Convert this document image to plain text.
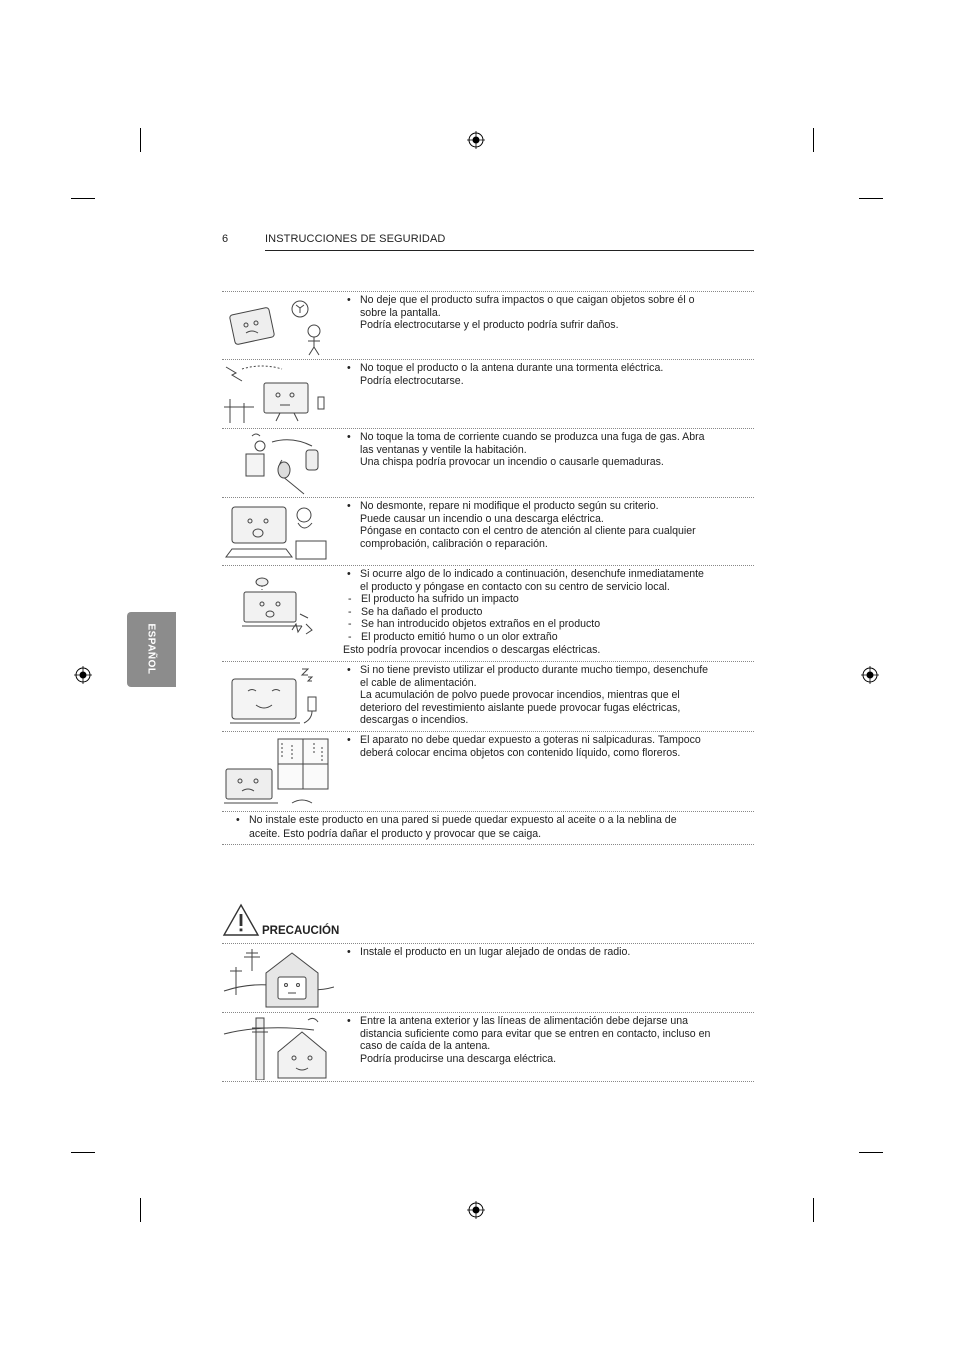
6	INSTRUCCIONES DE SEGURIDAD
ESPAÑOL
• No deje que el producto sufra impactos o que caigan objetos sobre él o
sobre la pantalla.
Podría electrocutarse y el producto podría sufrir daños.
• No toque el producto o la antena durante una tormenta eléctrica.
Podría electrocutarse.
• No toque la toma de corriente cuando se produzca una fuga de gas. Abra
las ventanas y ventile la habitación.
Una chispa podría provocar un incendio o causarle quemaduras.
• No desmonte, repare ni modifique el producto según su criterio.
Puede causar un incendio o una descarga eléctrica.
Póngase en contacto con el centro de atención al cliente para cualquier
comprobación, calibración o reparación.
• Si ocurre algo de lo indicado a continuación, desenchufe inmediatamente
el producto y póngase en contacto con su centro de servicio local.
- El producto ha sufrido un impacto
- Se ha dañado el producto
- Se han introducido objetos extraños en el producto
- El producto emitió humo o un olor extraño
Esto podría provocar incendios o descargas eléctricas.
• Si no tiene previsto utilizar el producto durante mucho tiempo, desenchufe
el cable de alimentación.
La acumulación de polvo puede provocar incendios, mientras que el
deterioro del revestimiento aislante puede provocar fugas eléctricas,
descargas o incendios.
• El aparato no debe quedar expuesto a goteras ni salpicaduras. Tampoco
deberá colocar encima objetos con contenido líquido, como floreros.
• No instale este producto en una pared si puede quedar expuesto al aceite o a la neblina de
aceite. Esto podría dañar el producto y provocar que se caiga.
PRECAUCIÓN
• Instale el producto en un lugar alejado de ondas de radio.
• Entre la antena exterior y las líneas de alimentación debe dejarse una
distancia suficiente como para evitar que se entren en contacto, incluso en
caso de caída de la antena.
Podría producirse una descarga eléctrica.
